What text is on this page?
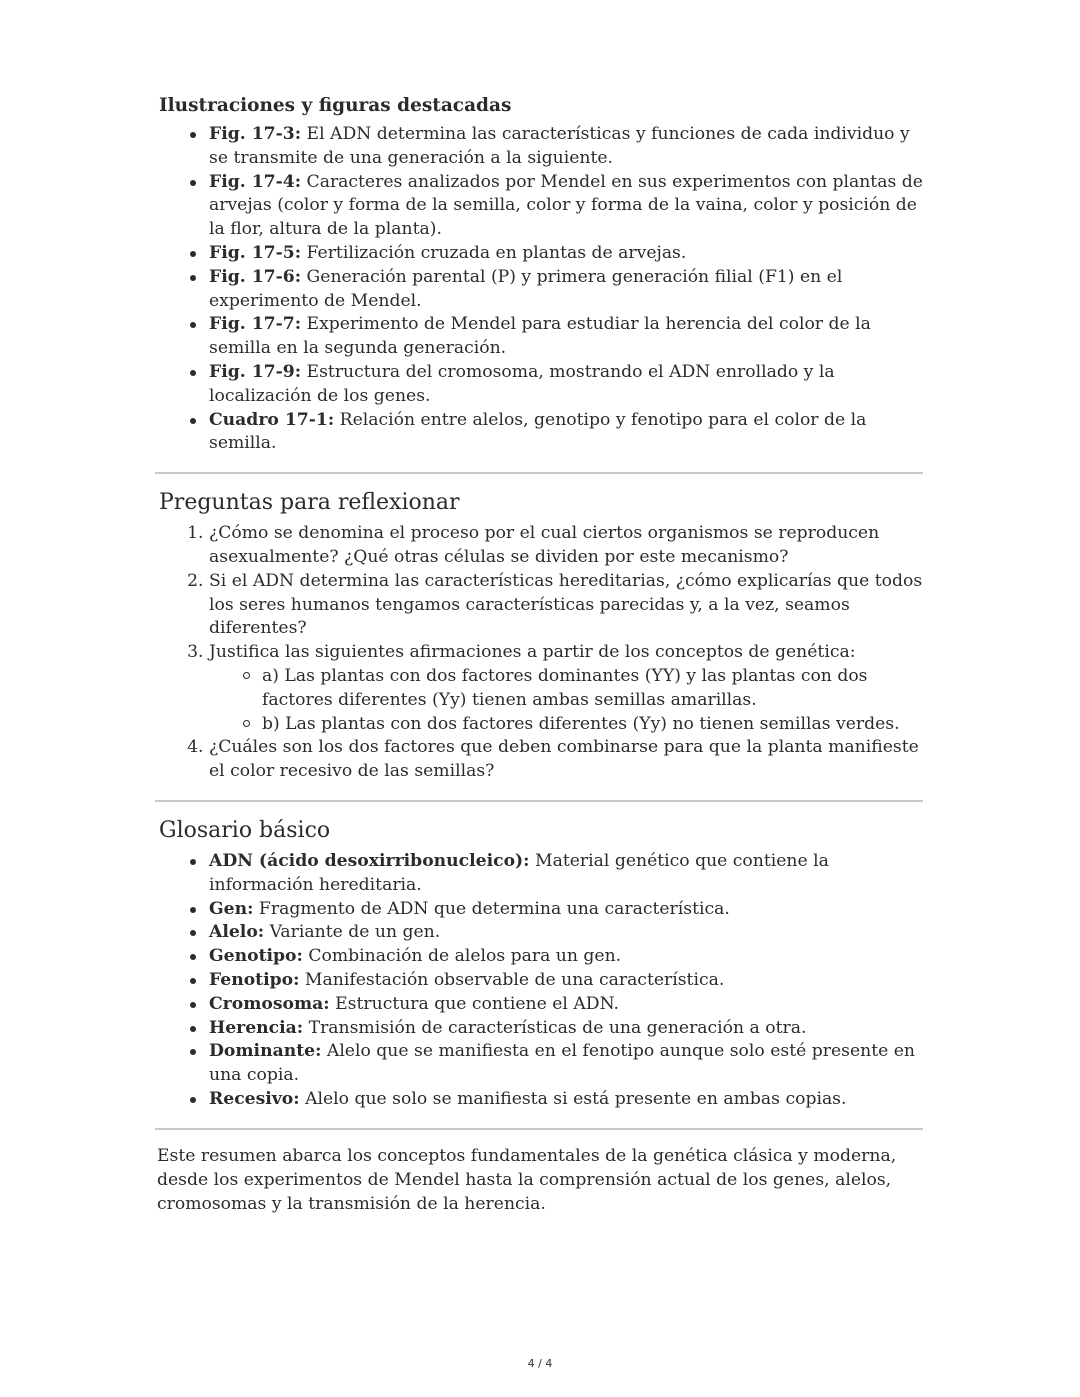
Ilustraciones y figuras destacadas
Fig. 17-3: El ADN determina las características y funciones de cada individuo y se transmite de una generación a la siguiente.
Fig. 17-4: Caracteres analizados por Mendel en sus experimentos con plantas de arvejas (color y forma de la semilla, color y forma de la vaina, color y posición de la flor, altura de la planta).
Fig. 17-5: Fertilización cruzada en plantas de arvejas.
Fig. 17-6: Generación parental (P) y primera generación filial (F1) en el experimento de Mendel.
Fig. 17-7: Experimento de Mendel para estudiar la herencia del color de la semilla en la segunda generación.
Fig. 17-9: Estructura del cromosoma, mostrando el ADN enrollado y la localización de los genes.
Cuadro 17-1: Relación entre alelos, genotipo y fenotipo para el color de la semilla.
Preguntas para reflexionar
1. ¿Cómo se denomina el proceso por el cual ciertos organismos se reproducen asexualmente? ¿Qué otras células se dividen por este mecanismo?
2. Si el ADN determina las características hereditarias, ¿cómo explicarías que todos los seres humanos tengamos características parecidas y, a la vez, seamos diferentes?
3. Justifica las siguientes afirmaciones a partir de los conceptos de genética:
a) Las plantas con dos factores dominantes (YY) y las plantas con dos factores diferentes (Yy) tienen ambas semillas amarillas.
b) Las plantas con dos factores diferentes (Yy) no tienen semillas verdes.
4. ¿Cuáles son los dos factores que deben combinarse para que la planta manifieste el color recesivo de las semillas?
Glosario básico
ADN (ácido desoxirribonucleico): Material genético que contiene la información hereditaria.
Gen: Fragmento de ADN que determina una característica.
Alelo: Variante de un gen.
Genotipo: Combinación de alelos para un gen.
Fenotipo: Manifestación observable de una característica.
Cromosoma: Estructura que contiene el ADN.
Herencia: Transmisión de características de una generación a otra.
Dominante: Alelo que se manifiesta en el fenotipo aunque solo esté presente en una copia.
Recesivo: Alelo que solo se manifiesta si está presente en ambas copias.

Este resumen abarca los conceptos fundamentales de la genética clásica y moderna, desde los experimentos de Mendel hasta la comprensión actual de los genes, alelos, cromosomas y la transmisión de la herencia.

4 / 4
